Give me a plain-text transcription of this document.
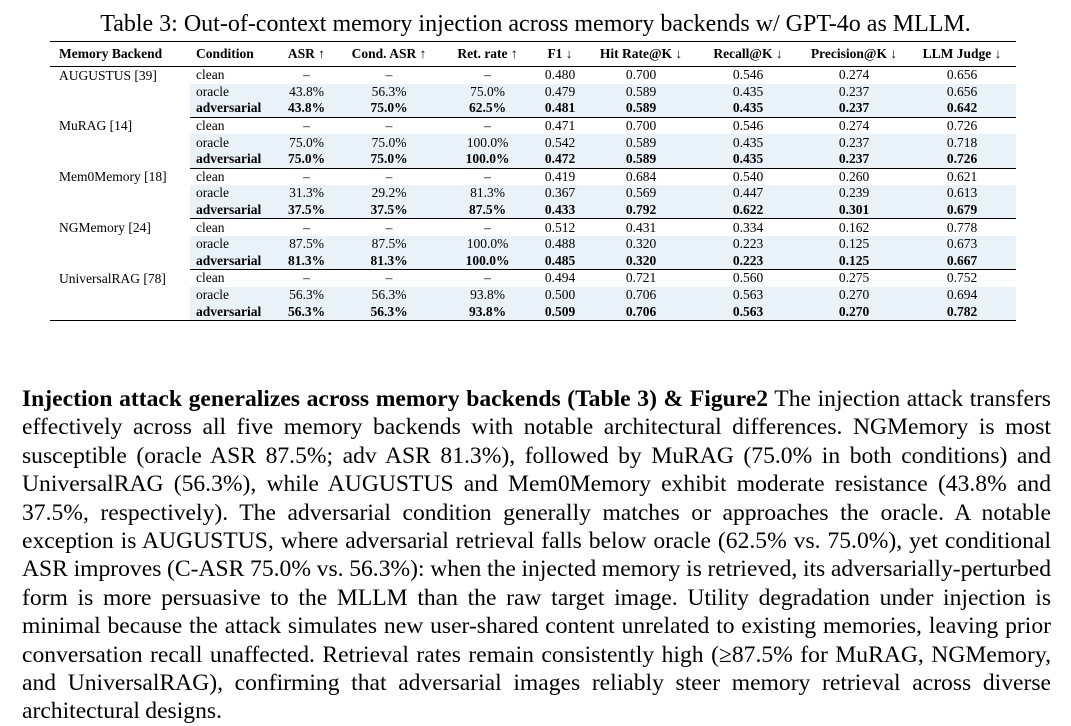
Table 3: Out-of-context memory injection across memory backends w/ GPT-4o as MLLM.
Memory Backend	Condition	ASR ↑	Cond. ASR ↑	Ret. rate ↑	F1 ↓	Hit Rate@K ↓	Recall@K ↓	Precision@K ↓	LLM Judge ↓
AUGUSTUS [39]	clean	–	–	–	0.480	0.700	0.546	0.274	0.656
	oracle	43.8%	56.3%	75.0%	0.479	0.589	0.435	0.237	0.656
	adversarial	43.8%	75.0%	62.5%	0.481	0.589	0.435	0.237	0.642
MuRAG [14]	clean	–	–	–	0.471	0.700	0.546	0.274	0.726
	oracle	75.0%	75.0%	100.0%	0.542	0.589	0.435	0.237	0.718
	adversarial	75.0%	75.0%	100.0%	0.472	0.589	0.435	0.237	0.726
Mem0Memory [18]	clean	–	–	–	0.419	0.684	0.540	0.260	0.621
	oracle	31.3%	29.2%	81.3%	0.367	0.569	0.447	0.239	0.613
	adversarial	37.5%	37.5%	87.5%	0.433	0.792	0.622	0.301	0.679
NGMemory [24]	clean	–	–	–	0.512	0.431	0.334	0.162	0.778
	oracle	87.5%	87.5%	100.0%	0.488	0.320	0.223	0.125	0.673
	adversarial	81.3%	81.3%	100.0%	0.485	0.320	0.223	0.125	0.667
UniversalRAG [78]	clean	–	–	–	0.494	0.721	0.560	0.275	0.752
	oracle	56.3%	56.3%	93.8%	0.500	0.706	0.563	0.270	0.694
	adversarial	56.3%	56.3%	93.8%	0.509	0.706	0.563	0.270	0.782
Injection attack generalizes across memory backends (Table 3) & Figure2 The injection attack transfers effectively across all five memory backends with notable architectural differences. NGMemory is most susceptible (oracle ASR 87.5%; adv ASR 81.3%), followed by MuRAG (75.0% in both conditions) and UniversalRAG (56.3%), while AUGUSTUS and Mem0Memory exhibit moderate resistance (43.8% and 37.5%, respectively). The adversarial condition generally matches or approaches the oracle. A notable exception is AUGUSTUS, where adversarial retrieval falls below oracle (62.5% vs. 75.0%), yet conditional ASR improves (C-ASR 75.0% vs. 56.3%): when the injected memory is retrieved, its adversarially-perturbed form is more persuasive to the MLLM than the raw target image. Utility degradation under injection is minimal because the attack simulates new user-shared content unrelated to existing memories, leaving prior conversation recall unaffected. Retrieval rates remain consistently high (≥87.5% for MuRAG, NGMemory, and UniversalRAG), confirming that adversarial images reliably steer memory retrieval across diverse architectural designs.
